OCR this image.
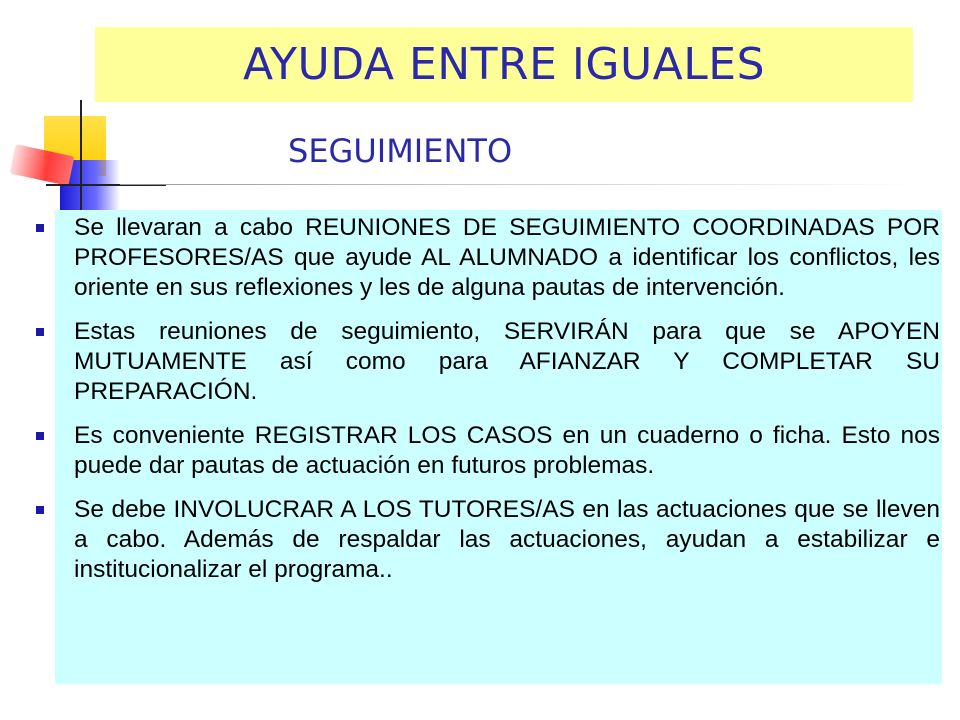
AYUDA ENTRE IGUALES
SEGUIMIENTO
Se llevaran a cabo REUNIONES DE SEGUIMIENTO COORDINADAS POR PROFESORES/AS que ayude AL ALUMNADO a identificar los conflictos, les oriente en sus reflexiones y les de alguna pautas de intervención.
Estas reuniones de seguimiento, SERVIRÁN para que se APOYEN MUTUAMENTE así como para AFIANZAR Y COMPLETAR SU PREPARACIÓN.
Es conveniente REGISTRAR LOS CASOS en un cuaderno o ficha. Esto nos puede dar pautas de actuación en futuros problemas.
Se debe INVOLUCRAR A LOS TUTORES/AS en las actuaciones que se lleven a cabo. Además de respaldar las actuaciones, ayudan a estabilizar e institucionalizar el programa..
